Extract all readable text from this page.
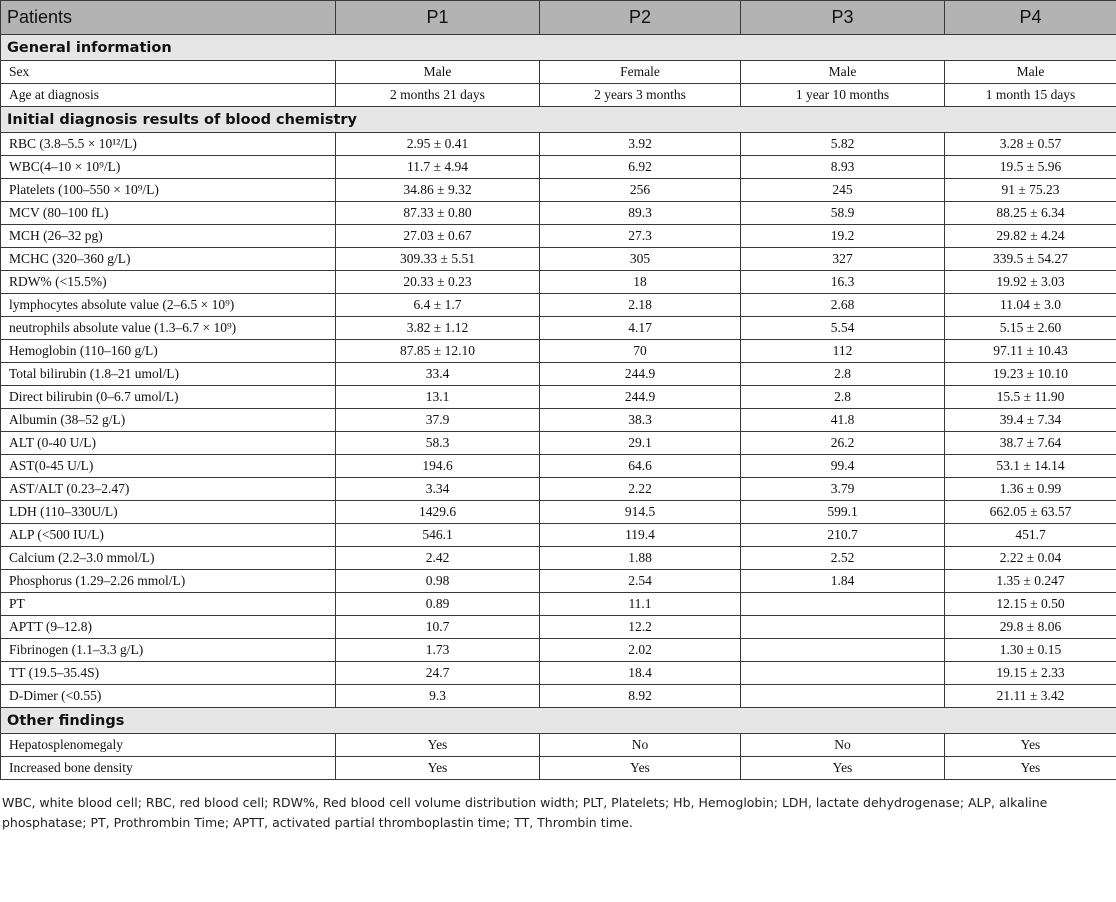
Patients	P1	P2	P3	P4
General information				
Sex	Male	Female	Male	Male
Age at diagnosis	2 months 21 days	2 years 3 months	1 year 10 months	1 month 15 days
Initial diagnosis results of blood chemistry				
RBC (3.8–5.5 × 10¹²/L)	2.95 ± 0.41	3.92	5.82	3.28 ± 0.57
WBC(4–10 × 10⁹/L)	11.7 ± 4.94	6.92	8.93	19.5 ± 5.96
Platelets (100–550 × 10⁹/L)	34.86 ± 9.32	256	245	91 ± 75.23
MCV (80–100 fL)	87.33 ± 0.80	89.3	58.9	88.25 ± 6.34
MCH (26–32 pg)	27.03 ± 0.67	27.3	19.2	29.82 ± 4.24
MCHC (320–360 g/L)	309.33 ± 5.51	305	327	339.5 ± 54.27
RDW% (<15.5%)	20.33 ± 0.23	18	16.3	19.92 ± 3.03
lymphocytes absolute value (2–6.5 × 10⁹)	6.4 ± 1.7	2.18	2.68	11.04 ± 3.0
neutrophils absolute value (1.3–6.7 × 10⁹)	3.82 ± 1.12	4.17	5.54	5.15 ± 2.60
Hemoglobin (110–160 g/L)	87.85 ± 12.10	70	112	97.11 ± 10.43
Total bilirubin (1.8–21 umol/L)	33.4	244.9	2.8	19.23 ± 10.10
Direct bilirubin (0–6.7 umol/L)	13.1	244.9	2.8	15.5 ± 11.90
Albumin (38–52 g/L)	37.9	38.3	41.8	39.4 ± 7.34
ALT (0-40 U/L)	58.3	29.1	26.2	38.7 ± 7.64
AST(0-45 U/L)	194.6	64.6	99.4	53.1 ± 14.14
AST/ALT (0.23–2.47)	3.34	2.22	3.79	1.36 ± 0.99
LDH (110–330U/L)	1429.6	914.5	599.1	662.05 ± 63.57
ALP (<500 IU/L)	546.1	119.4	210.7	451.7
Calcium (2.2–3.0 mmol/L)	2.42	1.88	2.52	2.22 ± 0.04
Phosphorus (1.29–2.26 mmol/L)	0.98	2.54	1.84	1.35 ± 0.247
PT	0.89	11.1		12.15 ± 0.50
APTT (9–12.8)	10.7	12.2		29.8 ± 8.06
Fibrinogen (1.1–3.3 g/L)	1.73	2.02		1.30 ± 0.15
TT (19.5–35.4S)	24.7	18.4		19.15 ± 2.33
D-Dimer (<0.55)	9.3	8.92		21.11 ± 3.42
Other findings				
Hepatosplenomegaly	Yes	No	No	Yes
Increased bone density	Yes	Yes	Yes	Yes
WBC, white blood cell; RBC, red blood cell; RDW%, Red blood cell volume distribution width; PLT, Platelets; Hb, Hemoglobin; LDH, lactate dehydrogenase; ALP, alkaline
phosphatase; PT, Prothrombin Time; APTT, activated partial thromboplastin time; TT, Thrombin time.
